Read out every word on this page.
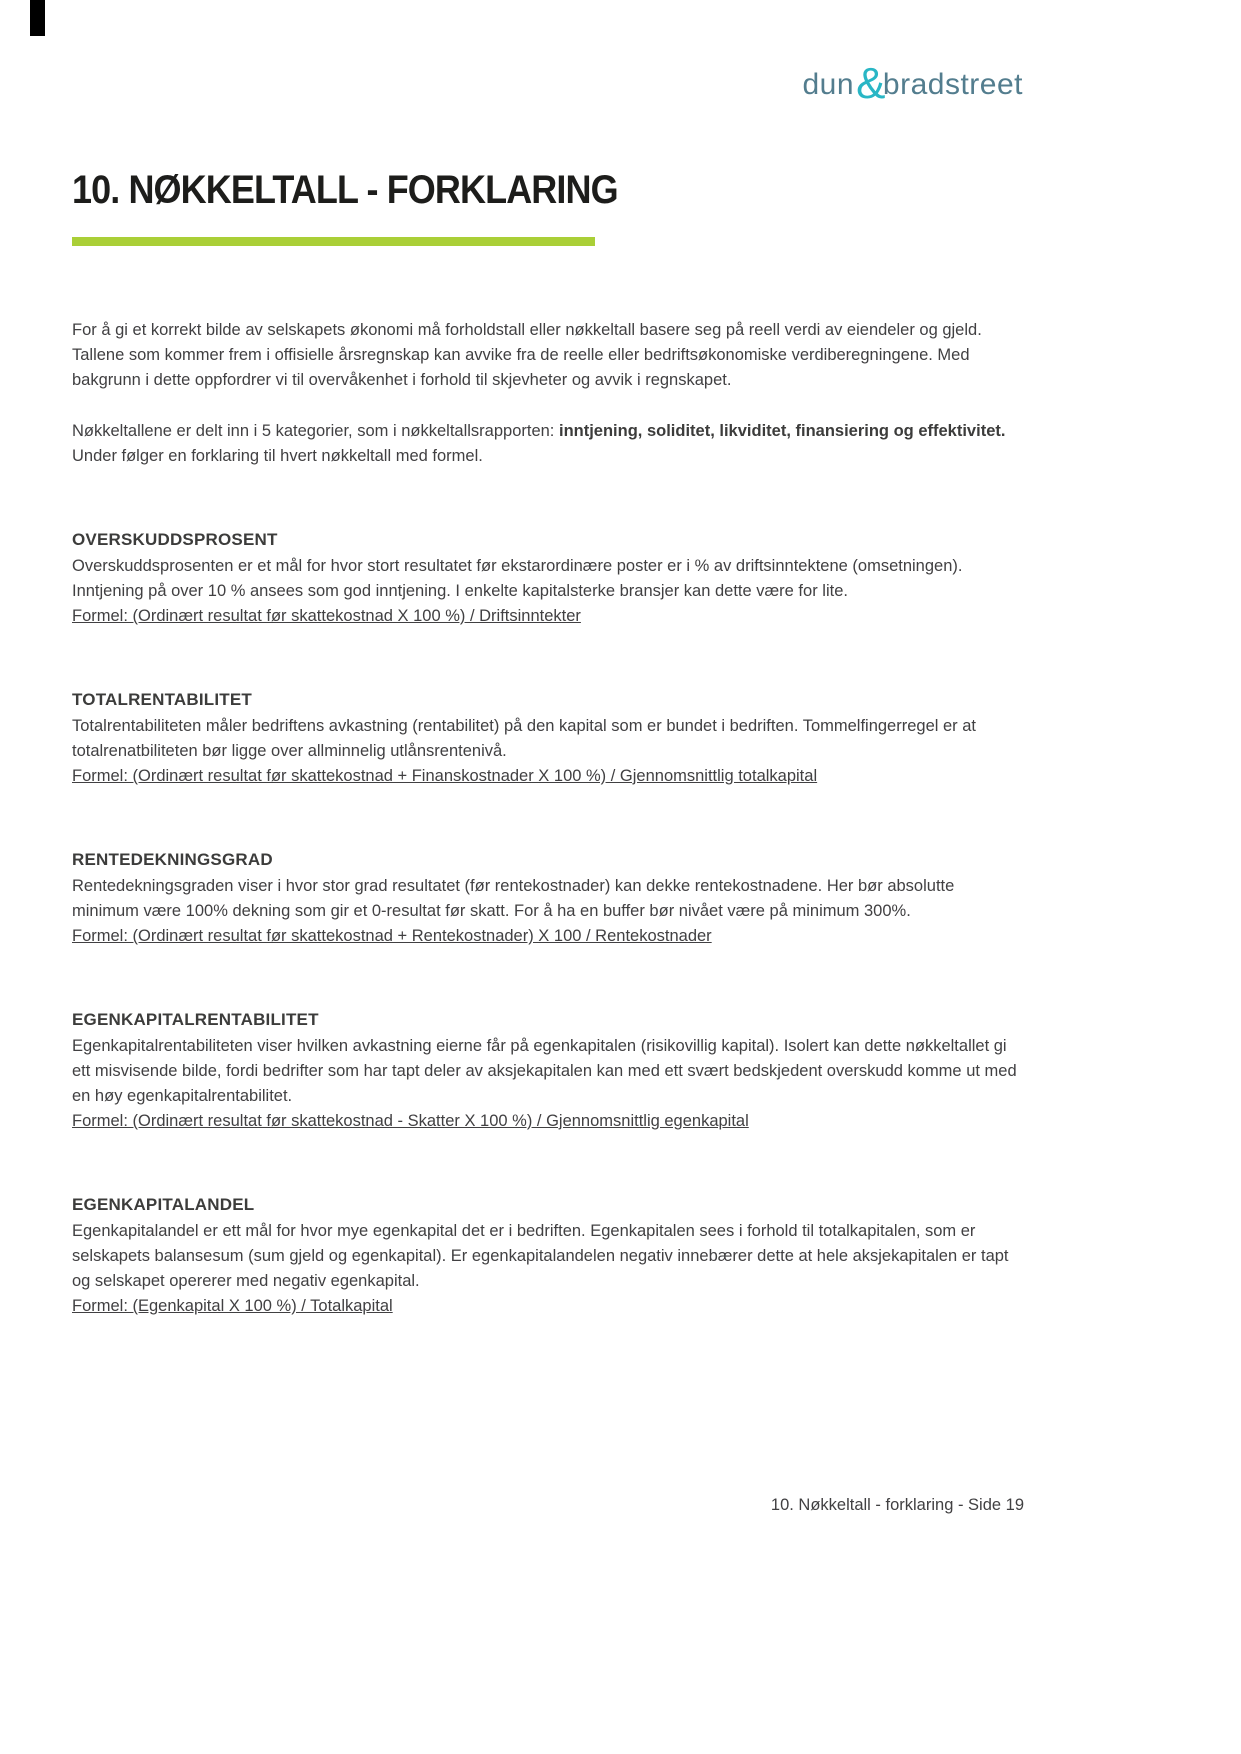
dun &
bradstreet
10. NØKKELTALL - FORKLARING

For å gi et korrekt bilde av selskapets økonomi må forholdstall eller nøkkeltall basere seg på reell verdi av eiendeler og gjeld. Tallene som kommer frem i offisielle årsregnskap kan avvike fra de reelle eller bedriftsøkonomiske verdiberegningene. Med bakgrunn i dette oppfordrer vi til overvåkenhet i forhold til skjevheter og avvik i regnskapet.

Nøkkeltallene er delt inn i 5 kategorier, som i nøkkeltallsrapporten: inntjening, soliditet, likviditet, finansiering og effektivitet. Under følger en forklaring til hvert nøkkeltall med formel.

OVERSKUDDSPROSENT

Overskuddsprosenten er et mål for hvor stort resultatet før ekstarordinære poster er i % av driftsinntektene (omsetningen). Inntjening på over 10 % ansees som god inntjening. I enkelte kapitalsterke bransjer kan dette være for lite.

Formel: (Ordinært resultat før skattekostnad X 100 %) / Driftsinntekter

TOTALRENTABILITET

Totalrentabiliteten måler bedriftens avkastning (rentabilitet) på den kapital som er bundet i bedriften. Tommelfingerregel er at totalrenatbiliteten bør ligge over allminnelig utlånsrentenivå.

Formel: (Ordinært resultat før skattekostnad + Finanskostnader X 100 %) / Gjennomsnittlig totalkapital

RENTEDEKNINGSGRAD

Rentedekningsgraden viser i hvor stor grad resultatet (før rentekostnader) kan dekke rentekostnadene. Her bør absolutte minimum være 100% dekning som gir et 0-resultat før skatt. For å ha en buffer bør nivået være på minimum 300%.

Formel: (Ordinært resultat før skattekostnad + Rentekostnader) X 100 / Rentekostnader

EGENKAPITALRENTABILITET

Egenkapitalrentabiliteten viser hvilken avkastning eierne får på egenkapitalen (risikovillig kapital). Isolert kan dette nøkkeltallet gi ett misvisende bilde, fordi bedrifter som har tapt deler av aksjekapitalen kan med ett svært bedskjedent overskudd komme ut med en høy egenkapitalrentabilitet.

Formel: (Ordinært resultat før skattekostnad - Skatter X 100 %) / Gjennomsnittlig egenkapital

EGENKAPITALANDEL

Egenkapitalandel er ett mål for hvor mye egenkapital det er i bedriften. Egenkapitalen sees i forhold til totalkapitalen, som er selskapets balansesum (sum gjeld og egenkapital). Er egenkapitalandelen negativ innebærer dette at hele aksjekapitalen er tapt og selskapet opererer med negativ egenkapital.

Formel: (Egenkapital X 100 %) / Totalkapital

10. Nøkkeltall - forklaring - Side 19
